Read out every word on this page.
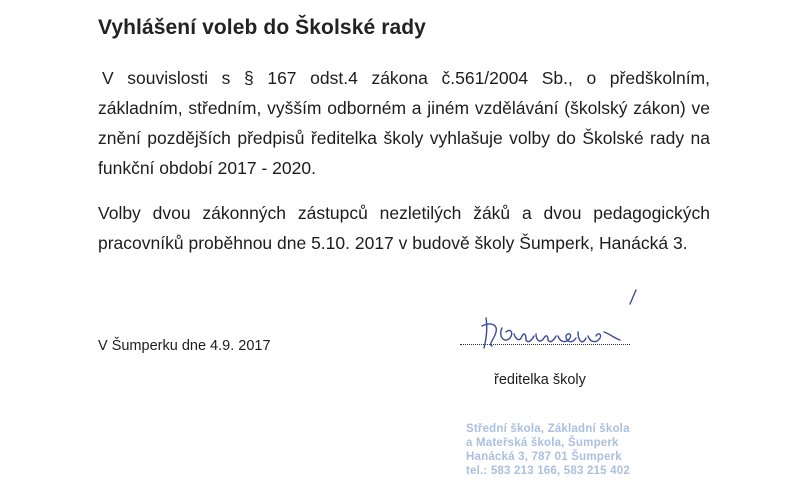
Vyhlášení voleb do Školské rady
V souvislosti s § 167 odst.4 zákona č.561/2004 Sb., o předškolním, základním, středním, vyšším odborném a jiném vzdělávání (školský zákon) ve znění pozdějších předpisů ředitelka školy vyhlašuje volby do Školské rady na funkční období 2017 - 2020.
Volby dvou zákonných zástupců nezletilých žáků a dvou pedagogických pracovníků proběhnou dne 5.10. 2017 v budově školy Šumperk, Hanácká 3.
V Šumperku dne 4.9. 2017
ředitelka školy
Střední škola, Základní škola
a Mateřská škola, Šumperk
Hanácká 3, 787 01 Šumperk
tel.: 583 213 166, 583 215 402
